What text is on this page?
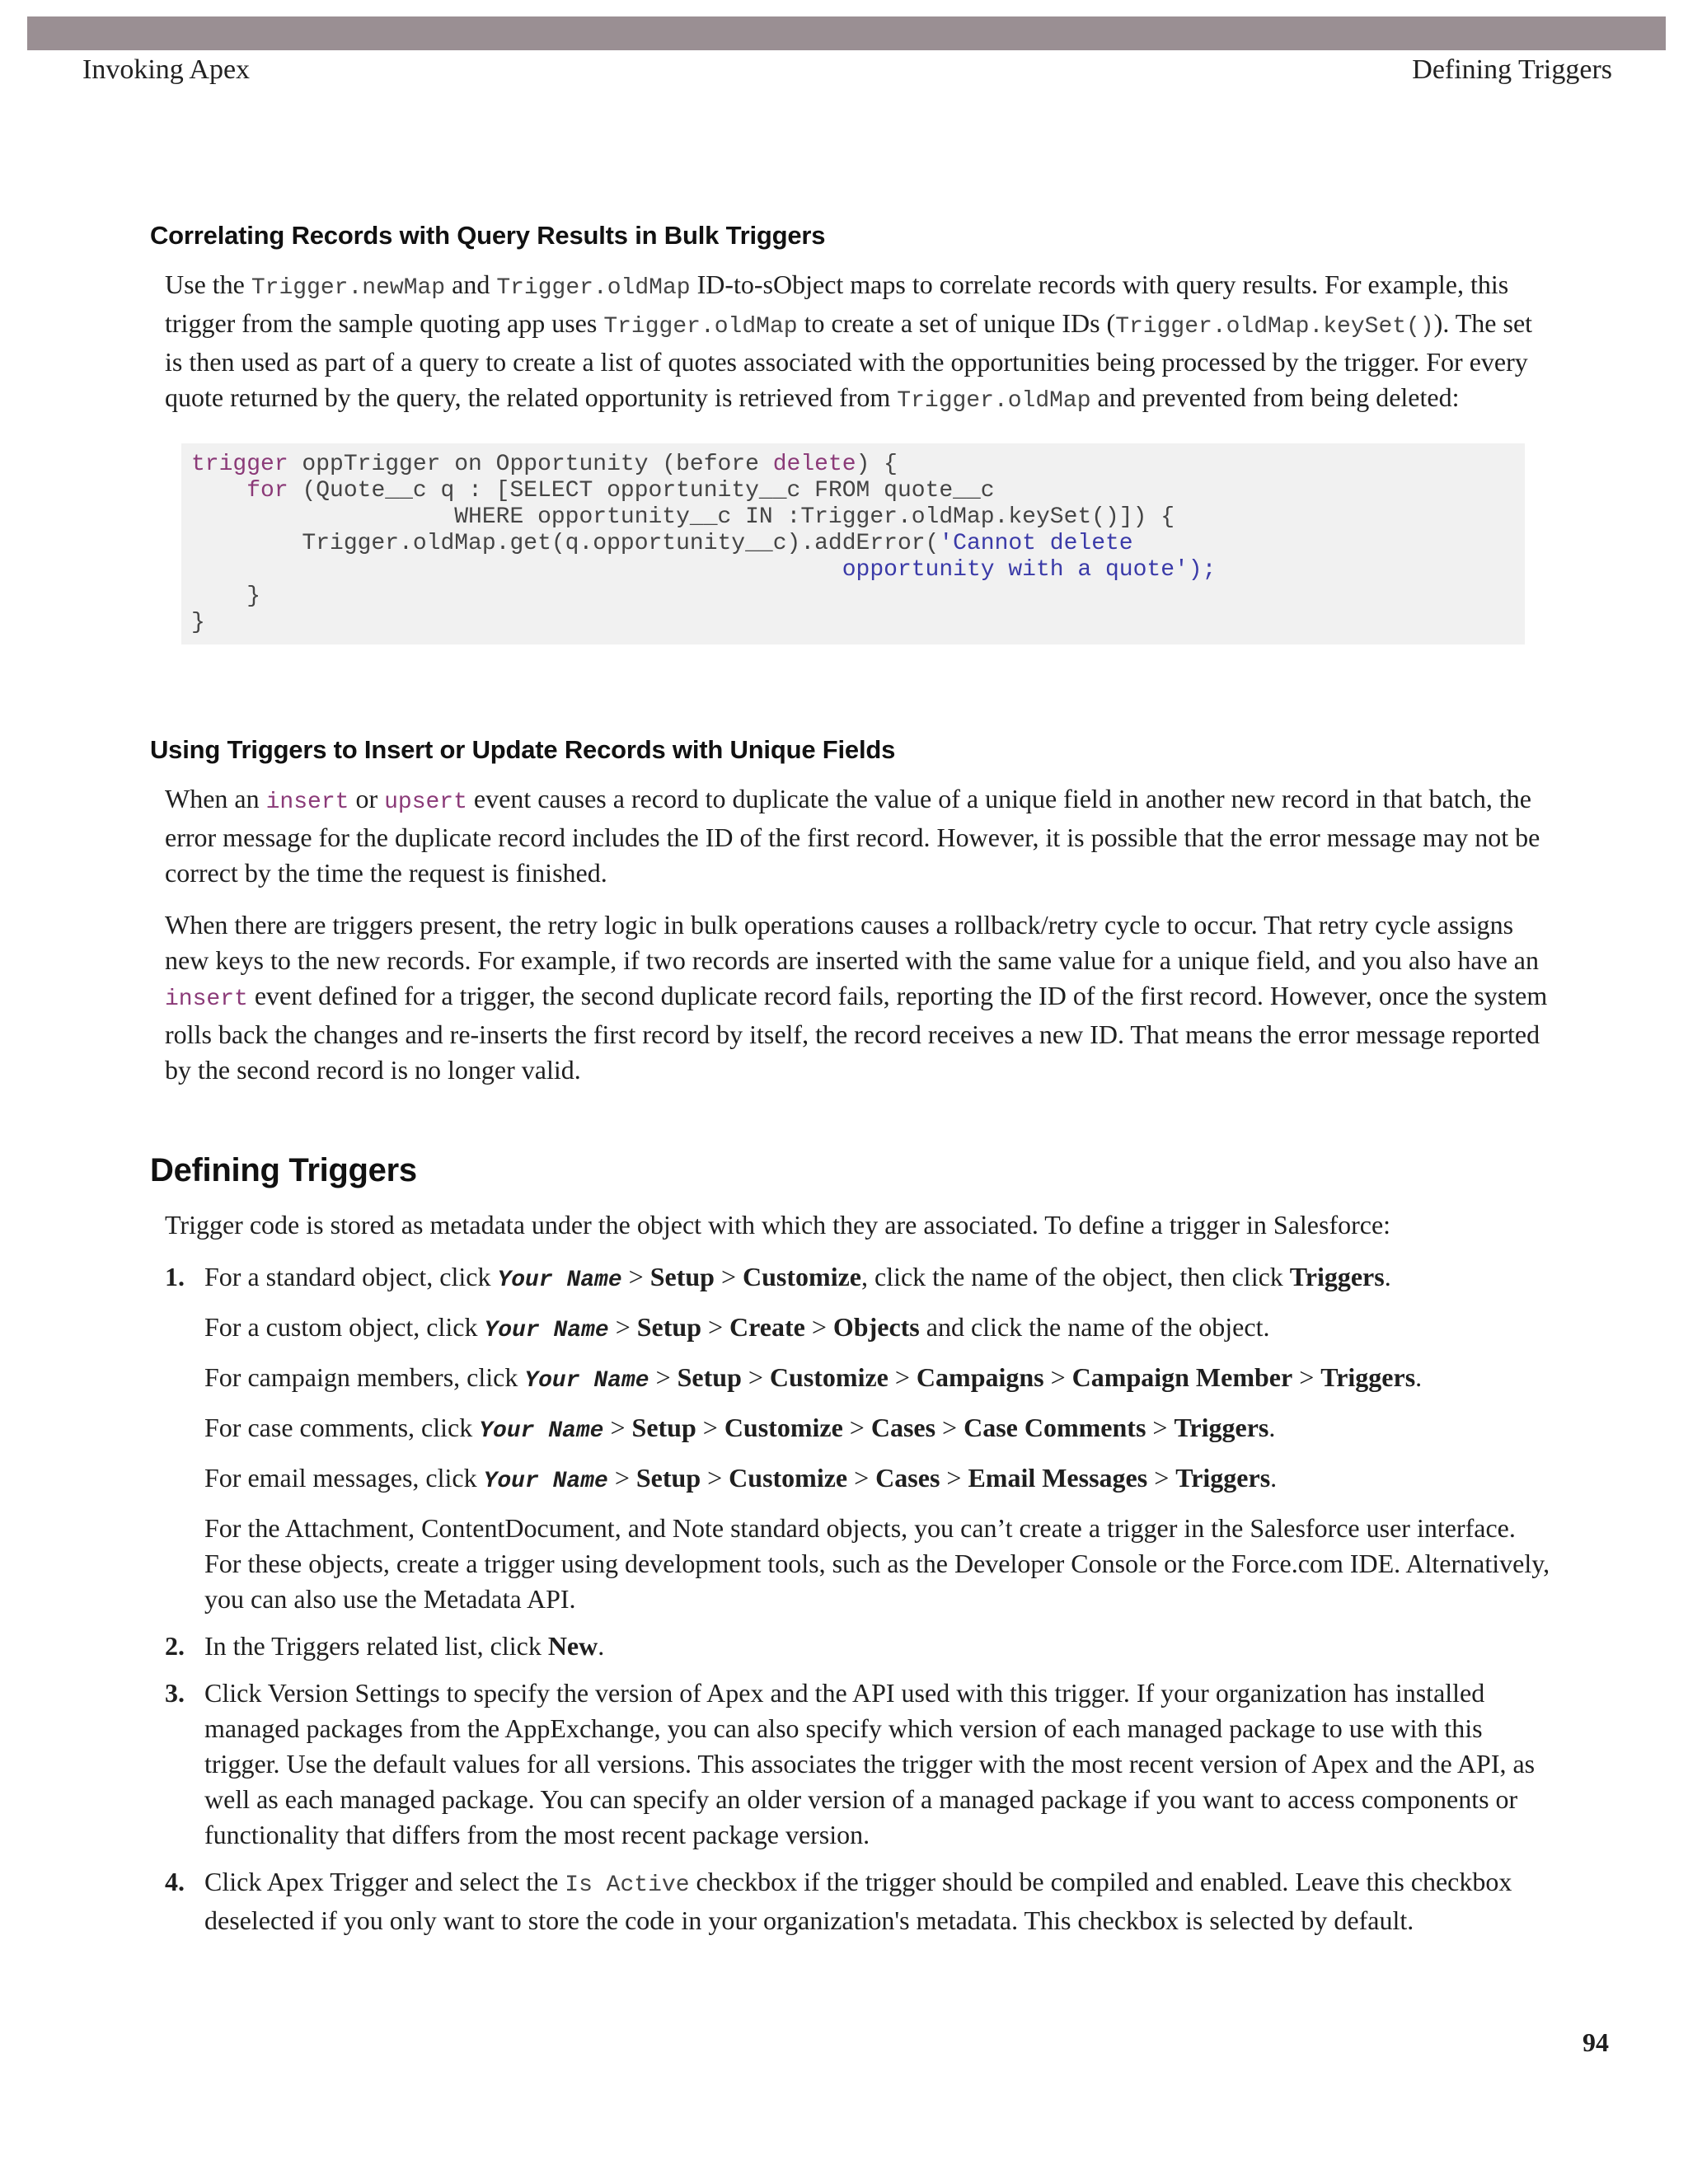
Invoking Apex	Defining Triggers
Correlating Records with Query Results in Bulk Triggers

Use the Trigger.newMap and Trigger.oldMap ID-to-sObject maps to correlate records with query results. For example, this trigger from the sample quoting app uses Trigger.oldMap to create a set of unique IDs (Trigger.oldMap.keySet()). The set is then used as part of a query to create a list of quotes associated with the opportunities being processed by the trigger. For every quote returned by the query, the related opportunity is retrieved from Trigger.oldMap and prevented from being deleted:

trigger oppTrigger on Opportunity (before delete) {
for (Quote__c q : [SELECT opportunity__c FROM quote__c
WHERE opportunity__c IN :Trigger.oldMap.keySet()]) {
Trigger.oldMap.get(q.opportunity__c).addError('Cannot delete
opportunity with a quote');
}
}
Using Triggers to Insert or Update Records with Unique Fields

When an insert or upsert event causes a record to duplicate the value of a unique field in another new record in that batch, the error message for the duplicate record includes the ID of the first record. However, it is possible that the error message may not be correct by the time the request is finished.

When there are triggers present, the retry logic in bulk operations causes a rollback/retry cycle to occur. That retry cycle assigns new keys to the new records. For example, if two records are inserted with the same value for a unique field, and you also have an insert event defined for a trigger, the second duplicate record fails, reporting the ID of the first record. However, once the system rolls back the changes and re-inserts the first record by itself, the record receives a new ID. That means the error message reported by the second record is no longer valid.

Defining Triggers

Trigger code is stored as metadata under the object with which they are associated. To define a trigger in Salesforce:

1. For a standard object, click Your Name > Setup > Customize, click the name of the object, then click Triggers.

For a custom object, click Your Name > Setup > Create > Objects and click the name of the object.

For campaign members, click Your Name > Setup > Customize > Campaigns > Campaign Member > Triggers.

For case comments, click Your Name > Setup > Customize > Cases > Case Comments > Triggers.

For email messages, click Your Name > Setup > Customize > Cases > Email Messages > Triggers.

For the Attachment, ContentDocument, and Note standard objects, you can’t create a trigger in the Salesforce user interface. For these objects, create a trigger using development tools, such as the Developer Console or the Force.com IDE. Alternatively, you can also use the Metadata API.

2. In the Triggers related list, click New.

3. Click Version Settings to specify the version of Apex and the API used with this trigger. If your organization has installed managed packages from the AppExchange, you can also specify which version of each managed package to use with this trigger. Use the default values for all versions. This associates the trigger with the most recent version of Apex and the API, as well as each managed package. You can specify an older version of a managed package if you want to access components or functionality that differs from the most recent package version.

4. Click Apex Trigger and select the Is Active checkbox if the trigger should be compiled and enabled. Leave this checkbox deselected if you only want to store the code in your organization's metadata. This checkbox is selected by default.

94
